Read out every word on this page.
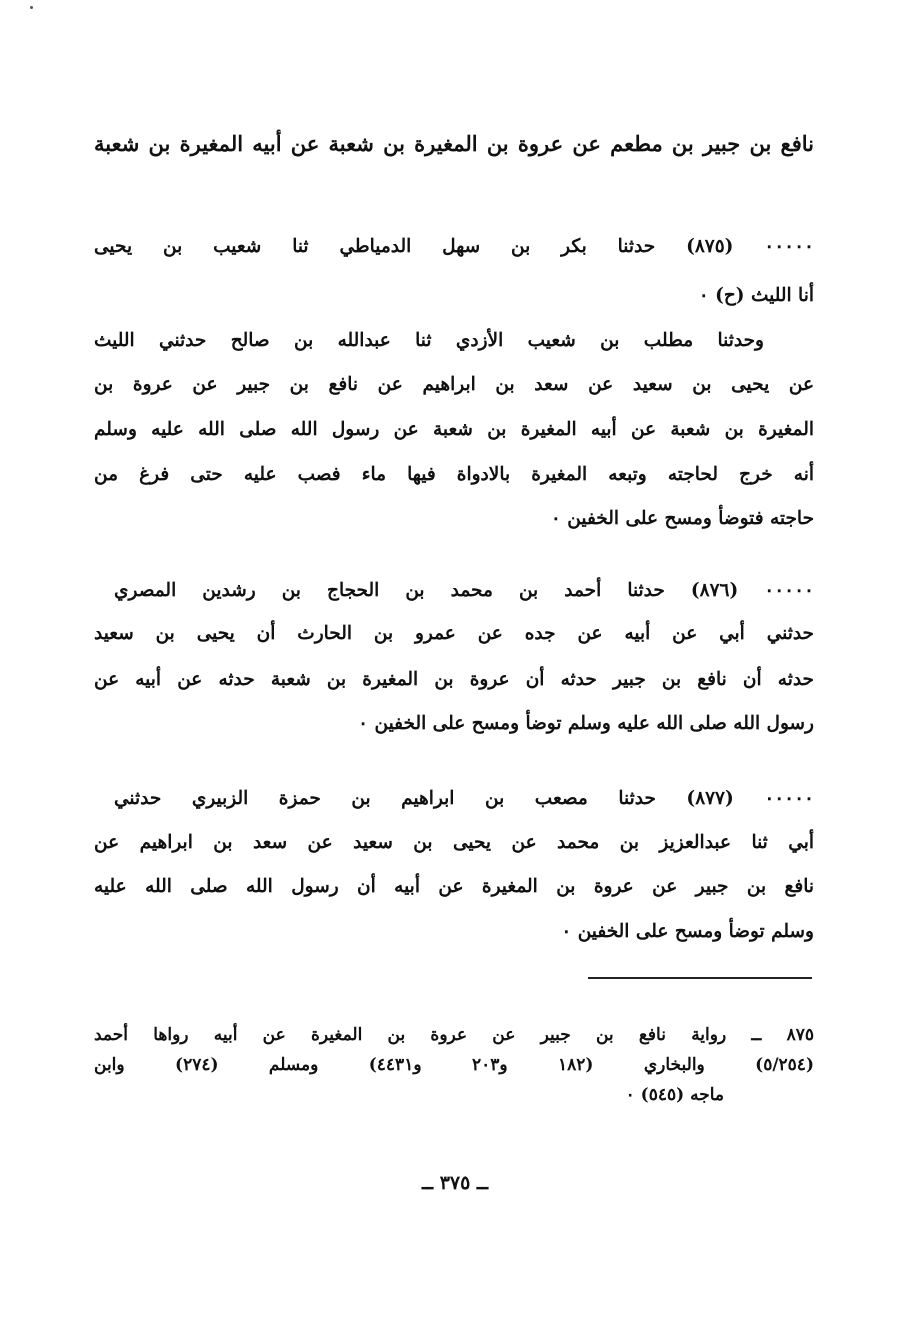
نافع بن جبير بن مطعم عن عروة بن المغيرة بن شعبة عن أبيه المغيرة بن شعبة
٠٠٠٠٠ (٨٧٥) حدثنا بكر بن سهل الدمياطي ثنا شعيب بن يحيى
أنا الليث (ح) ٠
وحدثنا مطلب بن شعيب الأزدي ثنا عبدالله بن صالح حدثني الليث
عن يحيى بن سعيد عن سعد بن ابراهيم عن نافع بن جبير عن عروة بن
المغيرة بن شعبة عن أبيه المغيرة بن شعبة عن رسول الله صلى الله عليه وسلم
أنه خرج لحاجته وتبعه المغيرة بالادواة فيها ماء فصب عليه حتى فرغ من
حاجته فتوضأ ومسح على الخفين ٠
٠٠٠٠٠ (٨٧٦) حدثنا أحمد بن محمد بن الحجاج بن رشدين المصري
حدثني أبي عن أبيه عن جده عن عمرو بن الحارث أن يحيى بن سعيد
حدثه أن نافع بن جبير حدثه أن عروة بن المغيرة بن شعبة حدثه عن أبيه عن
رسول الله صلى الله عليه وسلم توضأ ومسح على الخفين ٠
٠٠٠٠٠ (٨٧٧) حدثنا مصعب بن ابراهيم بن حمزة الزبيري حدثني
أبي ثنا عبدالعزيز بن محمد عن يحيى بن سعيد عن سعد بن ابراهيم عن
نافع بن جبير عن عروة بن المغيرة عن أبيه أن رسول الله صلى الله عليه
وسلم توضأ ومسح على الخفين ٠
٨٧٥ ــ رواية نافع بن جبير عن عروة بن المغيرة عن أبيه رواها أحمد
(٥/٢٥٤) والبخاري (١٨٢ و٢٠٣ و٤٤٣١) ومسلم (٢٧٤) وابن
ماجه (٥٤٥) ٠
ــ ٣٧٥ ــ
